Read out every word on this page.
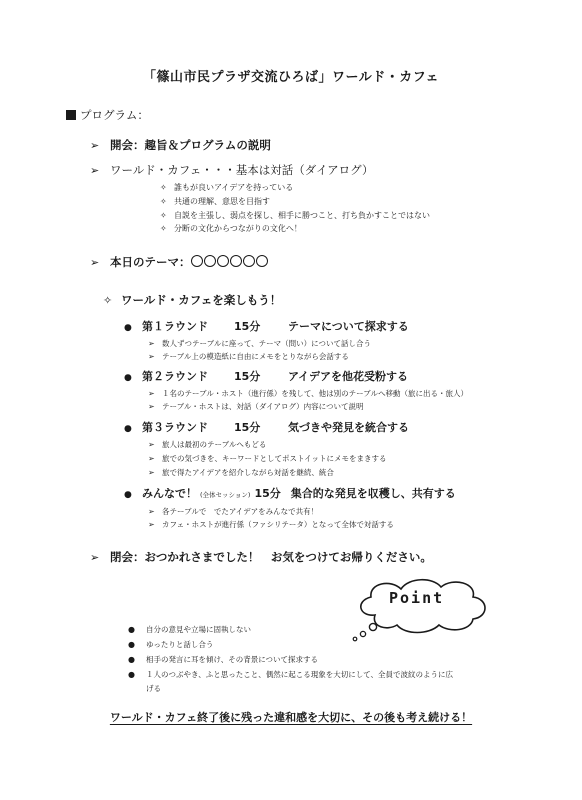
「篠山市民プラザ交流ひろば」ワールド・カフェ
プログラム：
➢ 開会：趣旨＆プログラムの説明
➢ ワールド・カフェ・・・基本は対話（ダイアログ）
✧ 誰もが良いアイデアを持っている
✧ 共通の理解、意思を目指す
✧ 自説を主張し、弱点を探し、相手に勝つこと、打ち負かすことではない
✧ 分断の文化からつながりの文化へ！
➢ 本日のテーマ：
✧ ワールド・カフェを楽しもう！
● 第１ラウンド 15分	テーマについて探求する
➢ 数人ずつテーブルに座って、テーマ（問い）について話し合う
➢ テーブル上の模造紙に自由にメモをとりながら会話する
● 第２ラウンド 15分	アイデアを他花受粉する
➢ １名のテーブル・ホスト（進行係）を残して、他は別のテーブルへ移動（旅に出る・旅人）
➢ テーブル・ホストは、対話（ダイアログ）内容について説明
● 第３ラウンド 15分	気づきや発見を統合する
➢ 旅人は最初のテーブルへもどる
➢ 旅での気づきを、キーワードとしてポストイットにメモをまきする
➢ 旅で得たアイデアを紹介しながら対話を継続、統合
● みんなで！ (全体セッション) 15分 集合的な発見を収穫し、共有する
➢ 各テーブルで　でたアイデアをみんなで共有！
➢ カフェ・ホストが進行係（ファシリテータ）となって全体で対話する
➢ 閉会：おつかれさまでした！　お気をつけてお帰りください。
Point
● 自分の意見や立場に固執しない
● ゆったりと話し合う
● 相手の発言に耳を傾け、その背景について探求する
● １人のつぶやき、ふと思ったこと、偶然に起こる現象を大切にして、全員で波紋のように広
げる
ワールド・カフェ終了後に残った違和感を大切に、その後も考え続ける！
